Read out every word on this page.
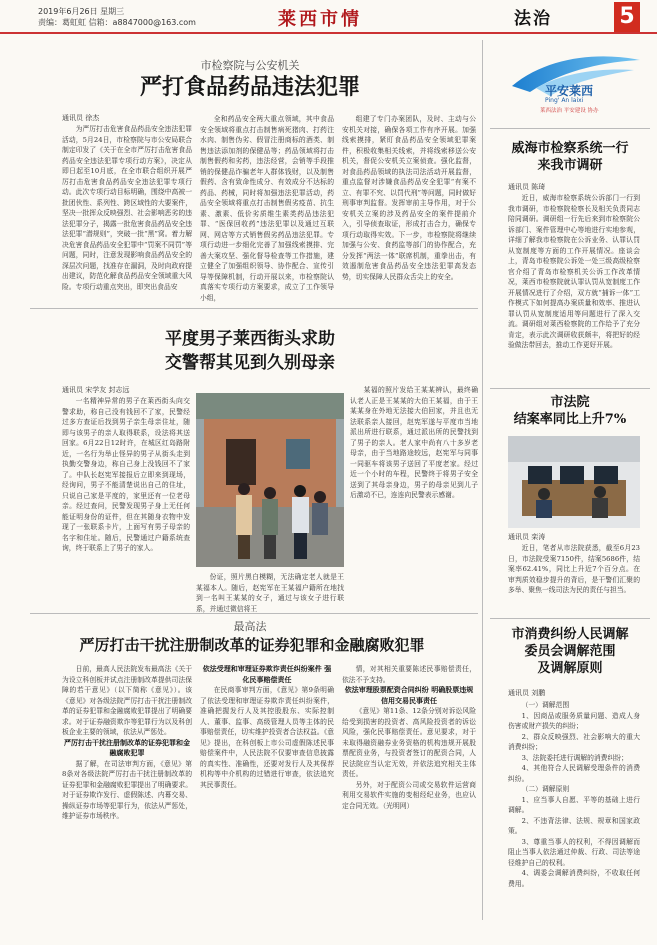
2019年6月26日 星期三
责编：葛虹虹 信箱：a8847000@163.com	莱西市情	法治	5
市检察院与公安机关
严打食品药品违法犯罪
通讯员 徐杰

为严厉打击危害食品药品安全违法犯罪活动，5月24日，市检察院与市公安局联合制定印发了《关于在全市严厉打击危害食品药品安全违法犯罪专项行动方案》，决定从即日起至10月底，在全市联合组织开展严厉打击危害食品药品安全违法犯罪专项行动。此次专项行动目标明确，围绕中高被一批团伙性、系列性、跨区域性的大要案件，坚决一批挥众反映强烈、社会影响恶劣的违法犯罪分子，揭露一批危害食品药品安全违法犯罪“潜规则”，突破一批“黑”窝。着力解决危害食品药品安全犯罪中“罚案不同罚”等问题，同时，注意发现影响食品药品安全的深层次问题，找准存在漏洞，及时向政府提出建议，防范化解食品药品安全领域重大风险。专项行动重点突出，即突出食品安

全和药品安全两大重点领域，其中食品安全领域将重点打击制售病死猪肉、打药注水肉、制售伪劣、假冒注册商标的酒类、制售违法添加剂的保健品等；药品领域将打击制售假药和劣药，违法经营，会销等手段推销的保健品诈骗老年人群体钱财，以及制售假药、含有致命性成分、有效成分不达标的药品、药械，同时将加强违法犯罪活动，药品安全领域将重点打击制售假劣疫苗、抗生素、激素、低价劣质维生素类药品违法犯罪、“医保回收药”违法犯罪以及通过互联网、网店等方式销售假劣药品违法犯罪。专项行动进一步细化完善了加强线索摸排、完善大案攻坚、强化督导检查等工作措施，建立健全了加强组织领导、协作配合、宣传引导等保障机制，行动开展以来，市检察院认真落实专项行动方案要求，成立了工作领导小组，

组建了专门办案团队，及时、主动与公安机关对接，确保各项工作有序开展。加强线索摸排，紧盯食品药品安全领域犯罪案件，积极收集相关线索，并将线索移送公安机关，督促公安机关立案侦查。强化监督，对食品药品领域的执法司法活动开展监督，重点监督对涉嫌食品药品安全犯罪“有案不立、有罪不究、以罚代刑”等问题，同时做好刑事审判监督。发挥审前主导作用，对于公安机关立案的涉及药品安全的案件提前介入，引导侦查取证，形成打击合力，确保专项行动取得实效。下一步，市检察院将继续加强与公安、食药监等部门的协作配合，充分发挥“两法一体”联席机制，重拳出击，有效遏制危害食品药品安全违法犯罪高发态势，切实保障人民群众舌尖上的安全。

平安莱西
Ping' An laixi
莱西法治 平安建设 协办
威海市检察系统一行
来我市调研
通讯员 陈琦

近日，威海市检察系统公诉部门一行到我市调研，市检察院检察长及相关负责同志陪同调研。调研组一行先后来到市检察院公诉部门、案件管理中心等地进行实地参观，详细了解我市检察院在公诉业务、认罪认罚从宽制度等方面的工作开展情况。座谈会上，青岛市检察院公诉处一处三级高级检察官介绍了青岛市检察机关公诉工作改革情况，莱西市检察院就认罪认罚从宽制度工作开展情况进行了介绍，双方就“捕诉一体”工作模式下如何提高办案质量和效率、推进认罪认罚从宽制度适用等问题进行了深入交流。调研组对莱西检察院的工作给予了充分肯定，表示此次调研收获颇丰，将把好的经验做法带回去，推动工作更好开展。

市法院
结案率同比上升7%
通讯员 栾涛

近日，笔者从市法院获悉，截至6月23日，市法院受案7150件，结案5686件，结案率62.41%，同比上升近7个百分点。在审判质效稳步提升的背后，是干警们汇聚的多举、聚焦一线司法为民的责任与担当。

市消费纠纷人民调解
委员会调解范围
及调解原则
通讯员 刘鹏

（一）调解范围

1、因商品或服务质量问题、造成人身伤害或财产损失的纠纷；

2、群众反映强烈、社会影响大的重大消费纠纷；

3、法院委托进行调解的消费纠纷；

4、其他符合人民调解受理条件的消费纠纷。

（二）调解原则

1、应当事人自愿、平等的基础上进行调解。

2、不违背法律、法规、规章和国家政策。

3、尊重当事人的权利，不得因调解而阻止当事人依法通过仲裁、行政、司法等途径维护自己的权利。

4、调委会调解消费纠纷，不收取任何费用。

平度男子莱西街头求助
交警帮其见到久别母亲
通讯员 宋学友 封志远

一名精神异常的男子在莱西街头向交警求助，称自己没有钱回不了家，民警经过多方查证后找到男子亲生母亲住址，随即与该男子的亲人取得联系，设法将其送回家。6月22日12时许，在城区红岛路附近，一名行为举止怪异的男子从街头走到执勤交警身边，称自己身上没钱回不了家了。中队长赵宪军接报后立即来到现场，经询问，男子不能清楚说出自己的住址，只说自己家是平度的，家里还有一位老母亲。经过查问，民警发现男子身上无任何能证明身份的证件，但在其随身衣物中发现了一张联系卡片，上面写有男子母亲的名字和住址。随后，民警通过户籍系统查询，终于联系上了男子的家人。

份证，照片黑白模糊，无法确定老人就是王某福本人。随后，赵宪军在王某福户籍所在地找到一名叫王某某的女子，通过与该女子进行联系，并通过微信将王

某福的照片发给王某某辨认，最终确认老人正是王某某的大伯王某福，由于王某某身在外地无法接大伯回家，并且也无法联系亲人接回，赵宪军遂与平度市当地派出所进行联系，通过派出所的民警找到了男子的亲人。老人家中尚有八十多岁老母亲，由于当地路途较远，赵宪军与同事一同驱车将该男子送回了平度老家。经过近一个小时的车程，民警终于将男子安全送到了其母亲身边，男子的母亲见到儿子后激动不已，连连向民警表示感谢。

最高法
严厉打击干扰注册制改革的证券犯罪和金融腐败犯罪

日前，最高人民法院发布最高法《关于为设立科创板并试点注册制改革提供司法保障的若干意见》（以下简称《意见》）。该《意见》对各级法院严厉打击干扰注册制改革的证券犯罪和金融腐败犯罪提出了明确要求。对于证券融资欺诈等犯罪行为以及科创板企业主要的领域，依法从严惩处。

严厉打击干扰注册制改革的证券犯罪和金融腐败犯罪

据了解，在司法审判方面，《意见》第8条对各级法院严厉打击干扰注册制改革的证券犯罪和金融腐败犯罪提出了明确要求。对于证券欺诈发行、虚假陈述、内幕交易、操纵证券市场等犯罪行为，依法从严惩处，维护证券市场秩序。

依法受理和审理证券欺诈责任纠纷案件 强化民事赔偿责任

在民商事审判方面，《意见》第9条明确了依法受理和审理证券欺诈责任纠纷案件，准确把握发行人及其控股股东、实际控制人、董事、监事、高级管理人员等主体的民事赔偿责任，切实维护投资者合法权益。《意见》提出，在科创板上市公司虚假陈述民事赔偿案件中，人民法院不仅要审查信息披露的真实性、准确性，还要对发行人及其保荐机构等中介机构的过错进行审查，依法追究其民事责任。

情，对其相关重要陈述民事赔偿责任，依法不予支持。

依法审理股票配资合同纠纷 明确股票违规信用交易民事责任

《意见》第11条、12条分别对诉讼风险给受到损害的投资者、高风险投资者的诉讼风险，强化民事赔偿责任。意见要求，对于未取得融资融券业务资格的机构违规开展股票配资业务，与投资者签订的配资合同，人民法院应当认定无效，并依法追究相关主体责任。

另外，对于配资公司或交易软件运营商利用交易软件实施的变相经纪业务，也应认定合同无效。（光明网）
